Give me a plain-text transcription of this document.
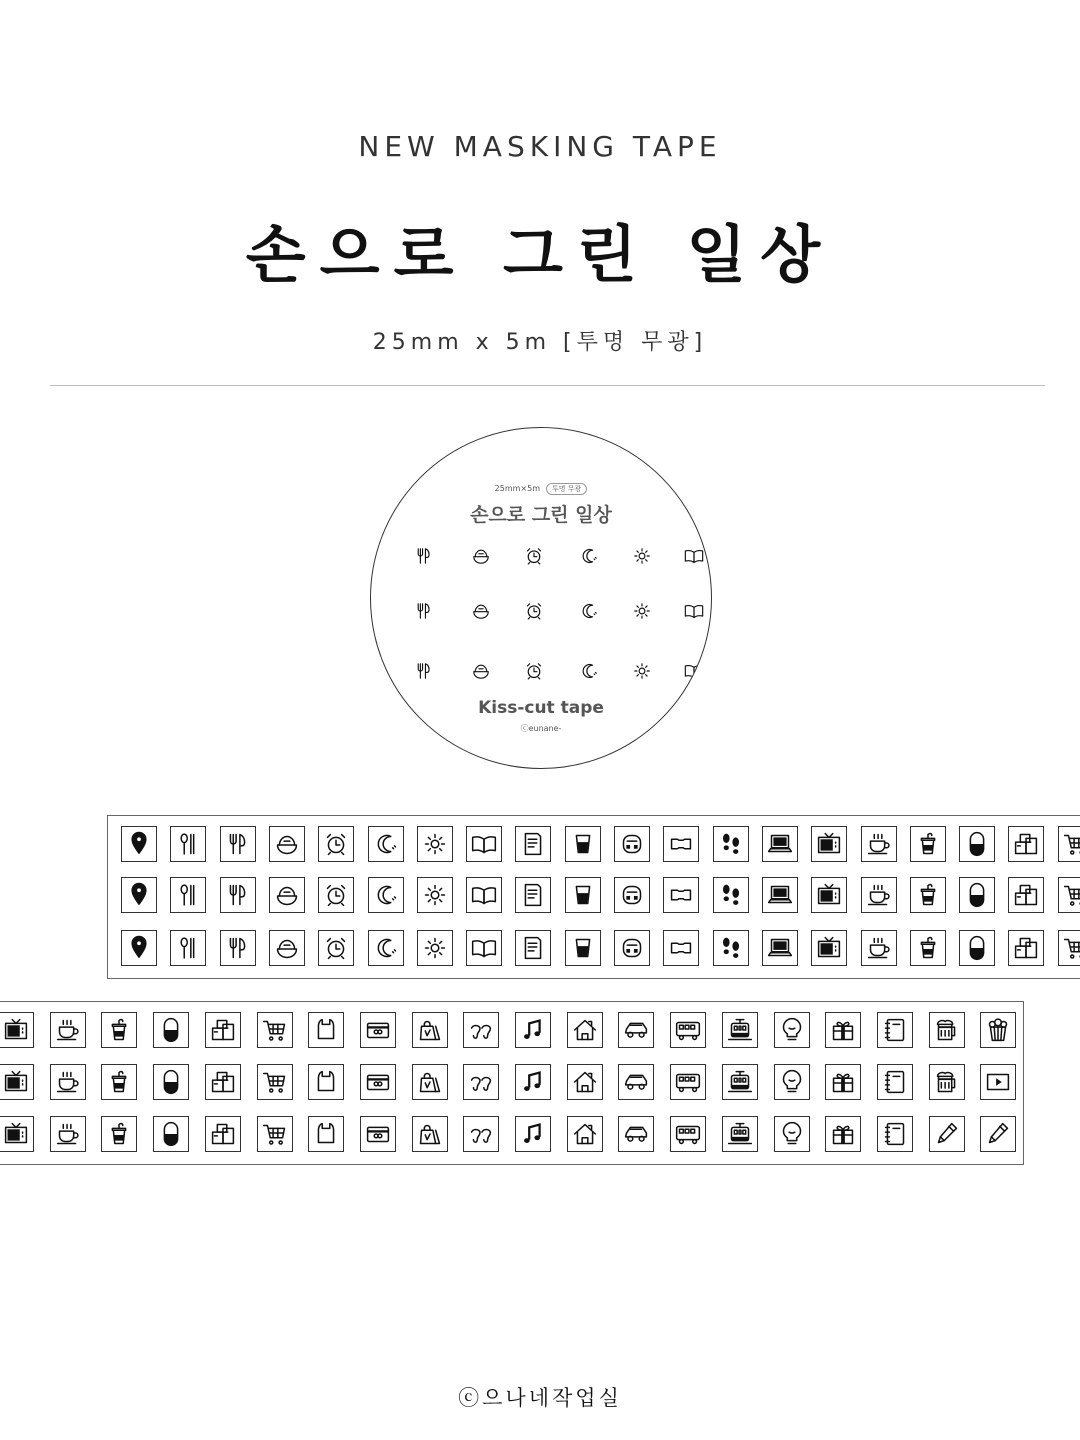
NEW MASKING TAPE
손으로 그린 일상
25mm x 5m [투명 무광]
25mm×5m 투명 무광
손으로 그린 일상
Kiss-cut tape
ⓒeunane-
ⓒ으나네작업실
